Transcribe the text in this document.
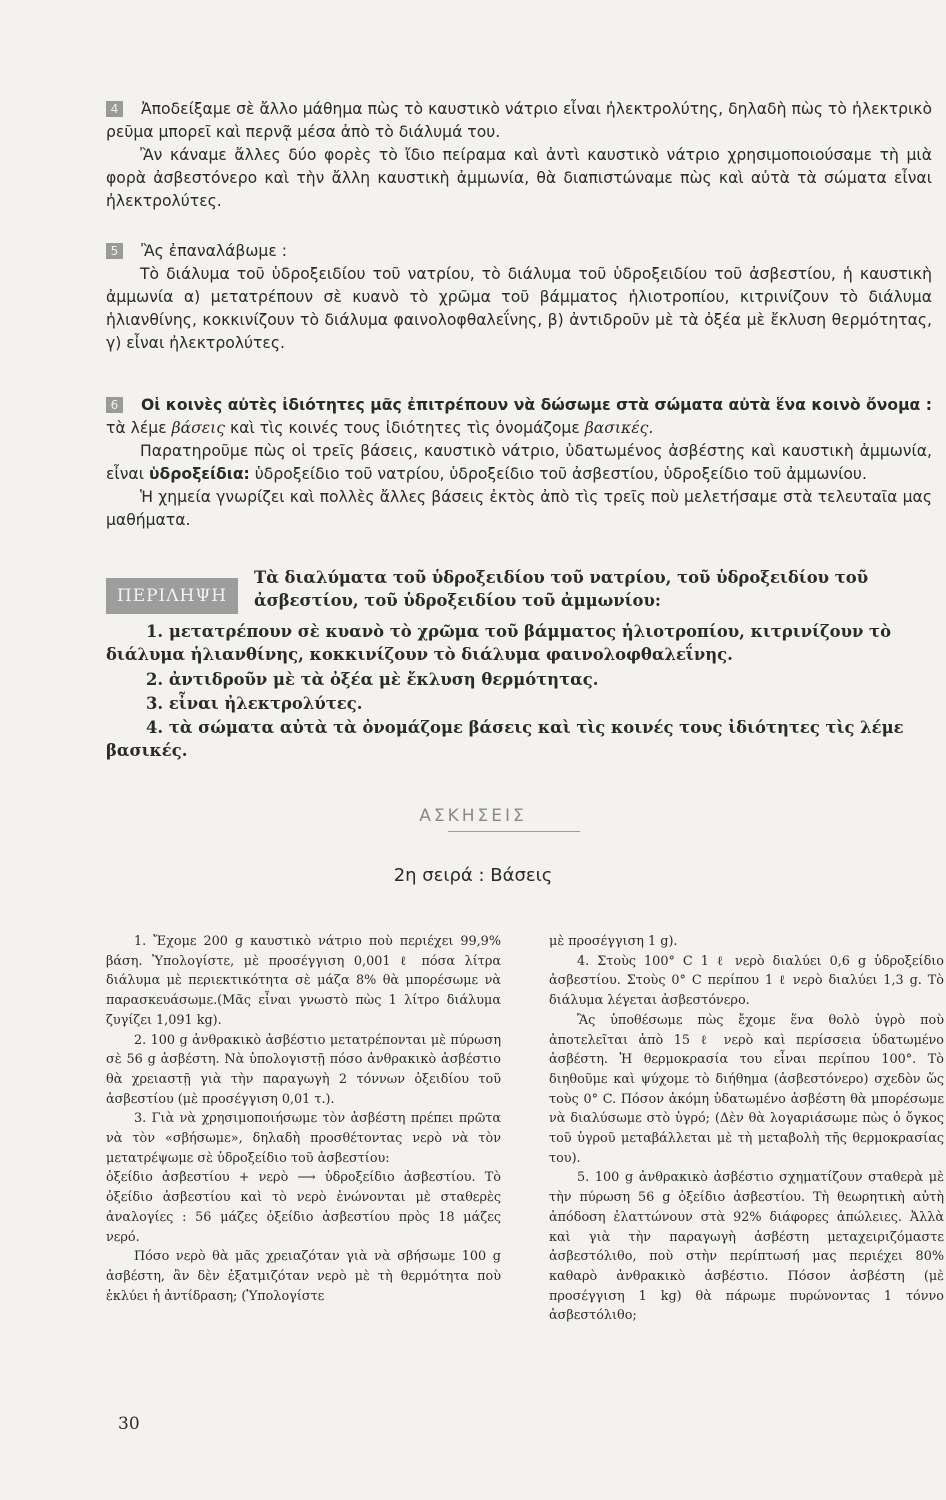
4 Ἀποδείξαμε σὲ ἄλλο μάθημα πὼς τὸ καυστικὸ νάτριο εἶναι ἠλεκτρολύτης, δηλαδὴ πὼς τὸ ἠλεκτρικὸ ρεῦμα μπορεῖ καὶ περνᾷ μέσα ἀπὸ τὸ διάλυμά του.

Ἂν κάναμε ἄλλες δύο φορὲς τὸ ἴδιο πείραμα καὶ ἀντὶ καυστικὸ νάτριο χρησιμοποιούσαμε τὴ μιὰ φορὰ ἀσβεστόνερο καὶ τὴν ἄλλη καυστικὴ ἀμμωνία, θὰ διαπιστώναμε πὼς καὶ αὐτὰ τὰ σώματα εἶναι ἠλεκτρολύτες.

5 Ἂς ἐπαναλάβωμε :

Τὸ διάλυμα τοῦ ὑδροξειδίου τοῦ νατρίου, τὸ διάλυμα τοῦ ὑδροξειδίου τοῦ ἀσβεστίου, ἡ καυστικὴ ἀμμωνία α) μετατρέπουν σὲ κυανὸ τὸ χρῶμα τοῦ βάμματος ἡλιοτροπίου, κιτρινίζουν τὸ διάλυμα ἡλιανθίνης, κοκκινίζουν τὸ διάλυμα φαινολοφθαλεΐνης, β) ἀντιδροῦν μὲ τὰ ὀξέα μὲ ἔκλυση θερμότητας, γ) εἶναι ἠλεκτρολύτες.

6 Οἱ κοινὲς αὐτὲς ἰδιότητες μᾶς ἐπιτρέπουν νὰ δώσωμε στὰ σώματα αὐτὰ ἕνα κοινὸ ὄνομα : τὰ λέμε βάσεις καὶ τὶς κοινές τους ἰδιότητες τὶς ὀνομάζομε βασικές.

Παρατηροῦμε πὼς οἱ τρεῖς βάσεις, καυστικὸ νάτριο, ὑδατωμένος ἀσβέστης καὶ καυστικὴ ἀμμωνία, εἶναι ὑδροξείδια: ὑδροξείδιο τοῦ νατρίου, ὑδροξείδιο τοῦ ἀσβεστίου, ὑδροξείδιο τοῦ ἀμμωνίου.

Ἡ χημεία γνωρίζει καὶ πολλὲς ἄλλες βάσεις ἐκτὸς ἀπὸ τὶς τρεῖς ποὺ μελετήσαμε στὰ τελευταῖα μας μαθήματα.

ΠΕΡΙΛΗΨΗ

Τὰ διαλύματα τοῦ ὑδροξειδίου τοῦ νατρίου, τοῦ ὑδροξειδίου τοῦ ἀσβεστίου, τοῦ ὑδροξειδίου τοῦ ἀμμωνίου:

1. μετατρέπουν σὲ κυανὸ τὸ χρῶμα τοῦ βάμματος ἡλιοτροπίου, κιτρινίζουν τὸ διάλυμα ἡλιανθίνης, κοκκινίζουν τὸ διάλυμα φαινολοφθαλεΐνης.

2. ἀντιδροῦν μὲ τὰ ὀξέα μὲ ἔκλυση θερμότητας.

3. εἶναι ἠλεκτρολύτες.

4. τὰ σώματα αὐτὰ τὰ ὀνομάζομε βάσεις καὶ τὶς κοινές τους ἰδιότητες τὶς λέμε βασικές.

ΑΣΚΗΣΕΙΣ
2η σειρά : Βάσεις

1. Ἔχομε 200 g καυστικὸ νάτριο ποὺ περιέχει 99,9% βάση. Ὑπολογίστε, μὲ προσέγγιση 0,001 ℓ πόσα λίτρα διάλυμα μὲ περιεκτικότητα σὲ μάζα 8% θὰ μπορέσωμε νὰ παρασκευάσωμε.(Μᾶς εἶναι γνωστὸ πὼς 1 λίτρο διάλυμα ζυγίζει 1,091 kg).

2. 100 g ἀνθρακικὸ ἀσβέστιο μετατρέπονται μὲ πύρωση σὲ 56 g ἀσβέστη. Νὰ ὑπολογιστῇ πόσο ἀνθρακικὸ ἀσβέστιο θὰ χρειαστῇ γιὰ τὴν παραγωγὴ 2 τόννων ὀξειδίου τοῦ ἀσβεστίου (μὲ προσέγγιση 0,01 τ.).

3. Γιὰ νὰ χρησιμοποιήσωμε τὸν ἀσβέστη πρέπει πρῶτα νὰ τὸν «σβήσωμε», δηλαδὴ προσθέτοντας νερὸ νὰ τὸν μετατρέψωμε σὲ ὑδροξείδιο τοῦ ἀσβεστίου:

ὀξείδιο ἀσβεστίου + νερὸ ⟶ ὑδροξείδιο ἀσβεστίου. Τὸ ὀξείδιο ἀσβεστίου καὶ τὸ νερὸ ἑνώνονται μὲ σταθερὲς ἀναλογίες : 56 μάζες ὀξείδιο ἀσβεστίου πρὸς 18 μάζες νερό.

Πόσο νερὸ θὰ μᾶς χρειαζόταν γιὰ νὰ σβήσωμε 100 g ἀσβέστη, ἂν δὲν ἐξατμιζόταν νερὸ μὲ τὴ θερμότητα ποὺ ἐκλύει ἡ ἀντίδραση; (Ὑπολογίστε

μὲ προσέγγιση 1 g).

4. Στοὺς 100° C 1 ℓ νερὸ διαλύει 0,6 g ὑδροξείδιο ἀσβεστίου. Στοὺς 0° C περίπου 1 ℓ νερὸ διαλύει 1,3 g. Τὸ διάλυμα λέγεται ἀσβεστόνερο.

Ἂς ὑποθέσωμε πὼς ἔχομε ἕνα θολὸ ὑγρὸ ποὺ ἀποτελεῖται ἀπὸ 15 ℓ νερὸ καὶ περίσσεια ὑδατωμένο ἀσβέστη. Ἡ θερμοκρασία του εἶναι περίπου 100°. Τὸ διηθοῦμε καὶ ψύχομε τὸ διήθημα (ἀσβεστόνερο) σχεδὸν ὥς τοὺς 0° C. Πόσον ἀκόμη ὑδατωμένο ἀσβέστη θὰ μπορέσωμε νὰ διαλύσωμε στὸ ὑγρό; (Δὲν θὰ λογαριάσωμε πὼς ὁ ὄγκος τοῦ ὑγροῦ μεταβάλλεται μὲ τὴ μεταβολὴ τῆς θερμοκρασίας του).

5. 100 g ἀνθρακικὸ ἀσβέστιο σχηματίζουν σταθερὰ μὲ τὴν πύρωση 56 g ὀξείδιο ἀσβεστίου. Τὴ θεωρητικὴ αὐτὴ ἀπόδοση ἐλαττώνουν στὰ 92% διάφορες ἀπώλειες. Ἀλλὰ καὶ γιὰ τὴν παραγωγὴ ἀσβέστη μεταχειριζόμαστε ἀσβεστόλιθο, ποὺ στὴν περίπτωσή μας περιέχει 80% καθαρὸ ἀνθρακικὸ ἀσβέστιο. Πόσον ἀσβέστη (μὲ προσέγγιση 1 kg) θὰ πάρωμε πυρώνοντας 1 τόννο ἀσβεστόλιθο;

30
